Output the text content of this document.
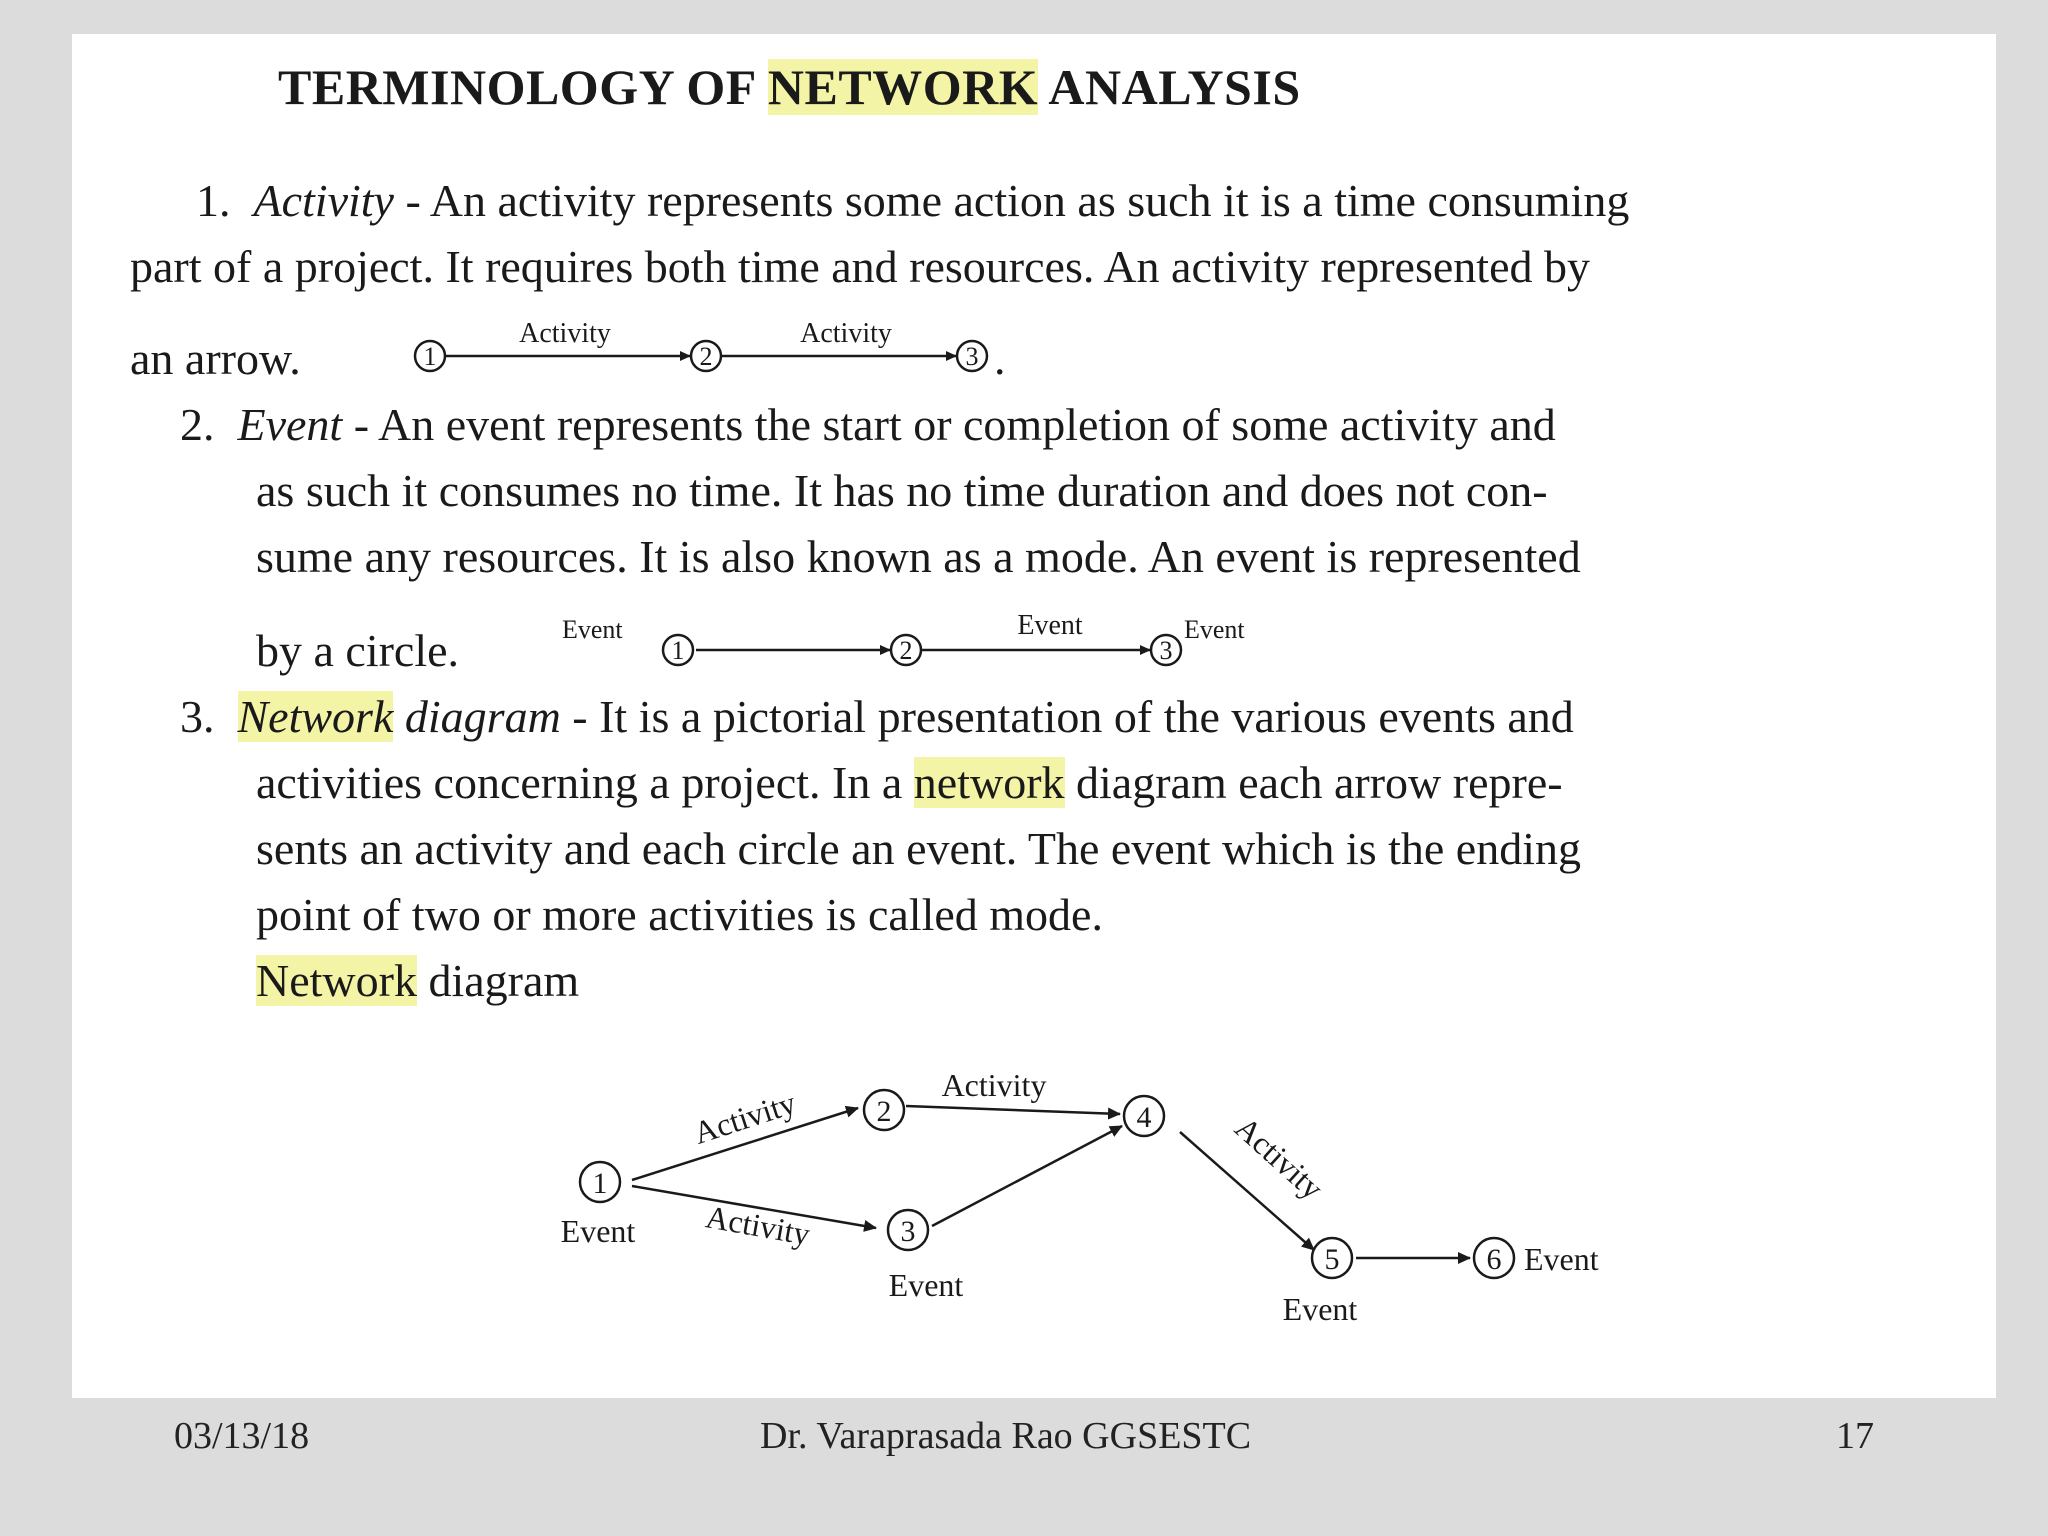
TERMINOLOGY OF NETWORK ANALYSIS

1. Activity - An activity represents some action as such it is a time consuming

part of a project. It requires both time and resources. An activity represented by

an arrow.	1
Activity
2
Activity
3 .

2. Event - An event represents the start or completion of some activity and

as such it consumes no time. It has no time duration and does not con-

sume any resources. It is also known as a mode. An event is represented

by a circle.	Event
1	2
Event
3
Event

3. Network diagram - It is a pictorial presentation of the various events and

activities concerning a project. In a network diagram each arrow repre-

sents an activity and each circle an event. The event which is the ending

point of two or more activities is called mode.

Network diagram

1
2
3
4
5	6
Activity
Activity
Activity
Activity
Event
Event
Event
Event
03/13/18	Dr. Varaprasada Rao GGSESTC	17
